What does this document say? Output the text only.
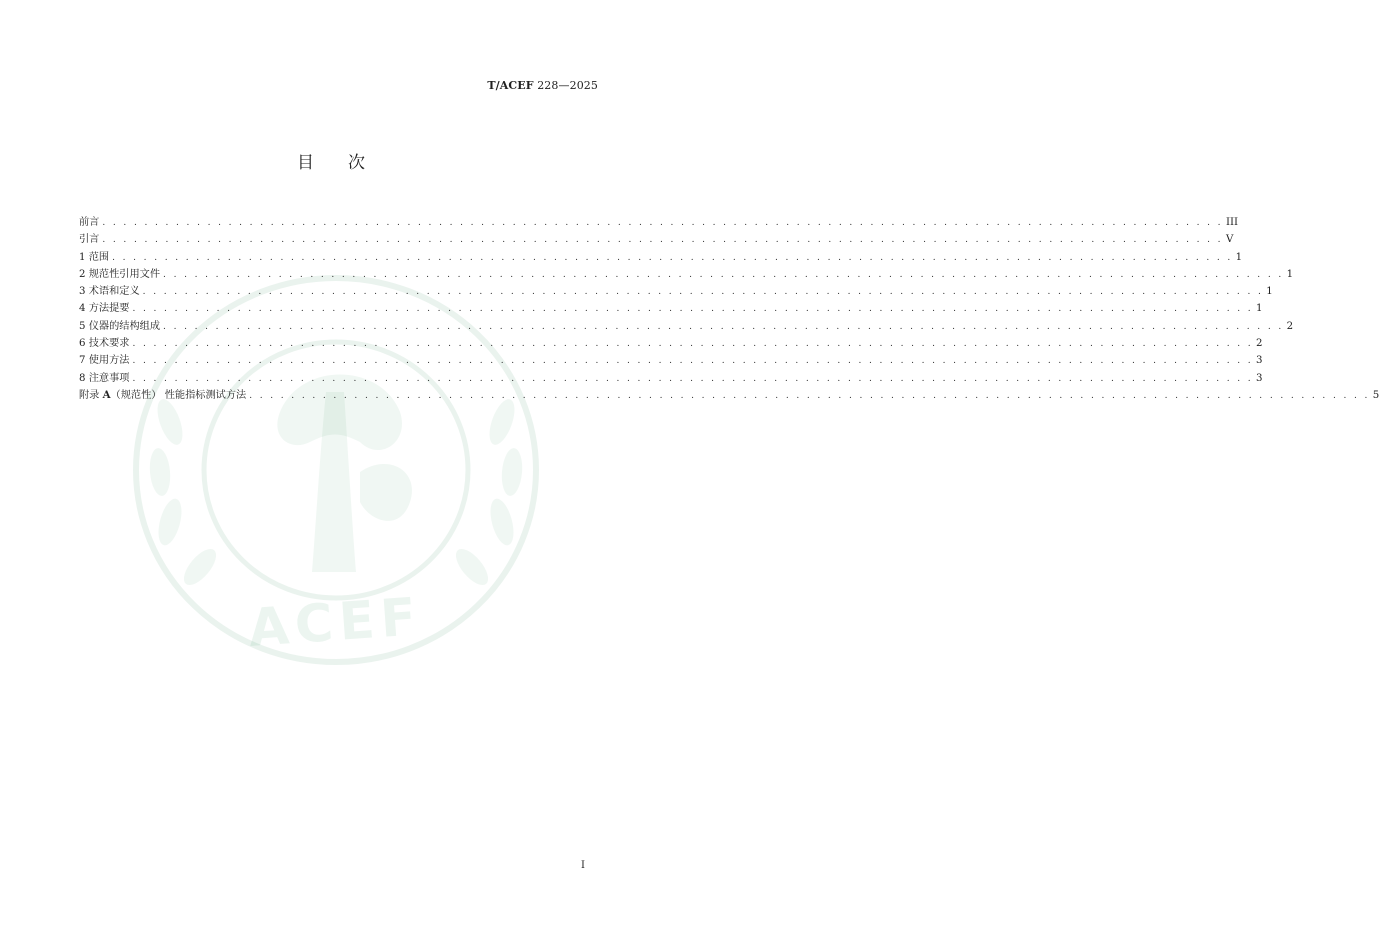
ACEF
T/ACEF 228—2025
目　　次
前言 . . . . . . . . . . . . . . . . . . . . . . . . . . . . . . . . . . . . . . . . . . . . . . . . . . . . . . . . . . . . . . . . . . . . . . . . . . . . . . . . . . . . . . . . . . . . . . . . . . . . . . . . . . . III
引言 . . . . . . . . . . . . . . . . . . . . . . . . . . . . . . . . . . . . . . . . . . . . . . . . . . . . . . . . . . . . . . . . . . . . . . . . . . . . . . . . . . . . . . . . . . . . . . . . . . . . . . . . . . . V
1 范围 . . . . . . . . . . . . . . . . . . . . . . . . . . . . . . . . . . . . . . . . . . . . . . . . . . . . . . . . . . . . . . . . . . . . . . . . . . . . . . . . . . . . . . . . . . . . . . . . . . . . . . . . . . . 1
2 规范性引用文件 . . . . . . . . . . . . . . . . . . . . . . . . . . . . . . . . . . . . . . . . . . . . . . . . . . . . . . . . . . . . . . . . . . . . . . . . . . . . . . . . . . . . . . . . . . . . . . . . . . . . . . . . . . . 1
3 术语和定义 . . . . . . . . . . . . . . . . . . . . . . . . . . . . . . . . . . . . . . . . . . . . . . . . . . . . . . . . . . . . . . . . . . . . . . . . . . . . . . . . . . . . . . . . . . . . . . . . . . . . . . . . . . . 1
4 方法提要 . . . . . . . . . . . . . . . . . . . . . . . . . . . . . . . . . . . . . . . . . . . . . . . . . . . . . . . . . . . . . . . . . . . . . . . . . . . . . . . . . . . . . . . . . . . . . . . . . . . . . . . . . . . 1
5 仪器的结构组成 . . . . . . . . . . . . . . . . . . . . . . . . . . . . . . . . . . . . . . . . . . . . . . . . . . . . . . . . . . . . . . . . . . . . . . . . . . . . . . . . . . . . . . . . . . . . . . . . . . . . . . . . . . . 2
6 技术要求 . . . . . . . . . . . . . . . . . . . . . . . . . . . . . . . . . . . . . . . . . . . . . . . . . . . . . . . . . . . . . . . . . . . . . . . . . . . . . . . . . . . . . . . . . . . . . . . . . . . . . . . . . . . 2
7 使用方法 . . . . . . . . . . . . . . . . . . . . . . . . . . . . . . . . . . . . . . . . . . . . . . . . . . . . . . . . . . . . . . . . . . . . . . . . . . . . . . . . . . . . . . . . . . . . . . . . . . . . . . . . . . . 3
8 注意事项 . . . . . . . . . . . . . . . . . . . . . . . . . . . . . . . . . . . . . . . . . . . . . . . . . . . . . . . . . . . . . . . . . . . . . . . . . . . . . . . . . . . . . . . . . . . . . . . . . . . . . . . . . . . 3
附录 A（规范性） 性能指标测试方法 . . . . . . . . . . . . . . . . . . . . . . . . . . . . . . . . . . . . . . . . . . . . . . . . . . . . . . . . . . . . . . . . . . . . . . . . . . . . . . . . . . . . . . . . . . . . . . . . . . . . . . . . . . . 5
I
